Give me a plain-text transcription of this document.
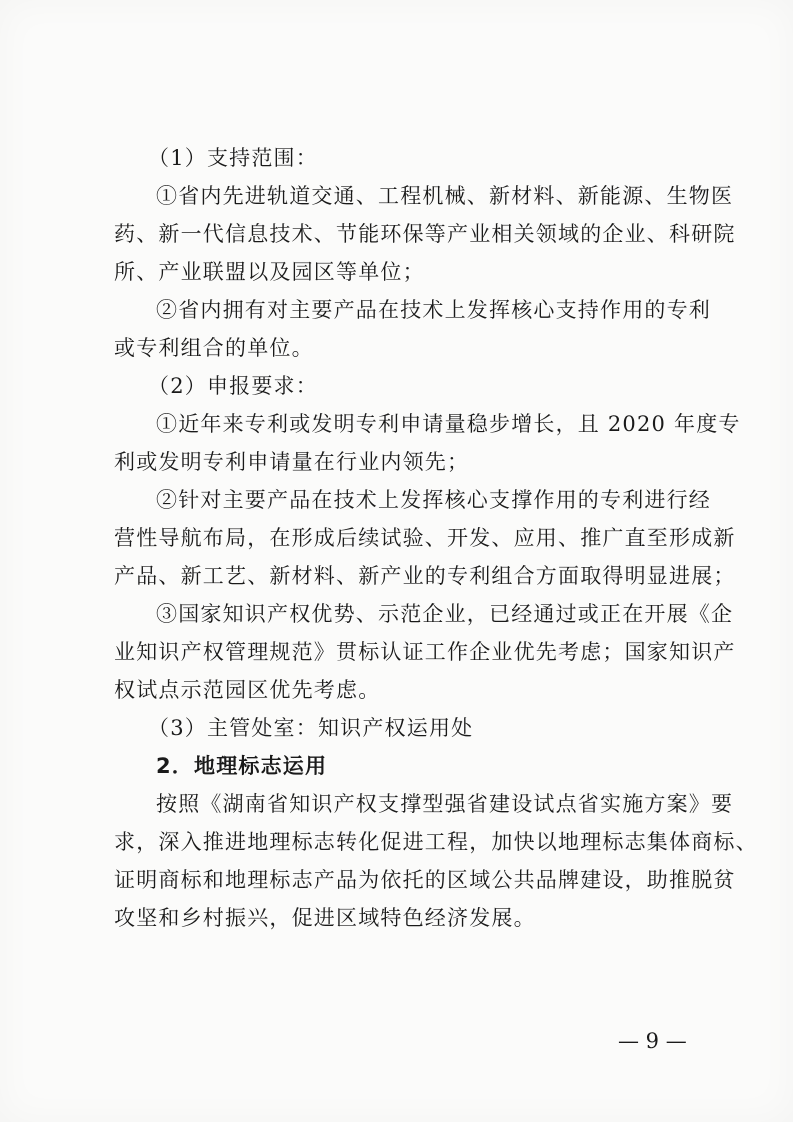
（1）支持范围：
①省内先进轨道交通、工程机械、新材料、新能源、生物医
药、新一代信息技术、节能环保等产业相关领域的企业、科研院
所、产业联盟以及园区等单位；
②省内拥有对主要产品在技术上发挥核心支持作用的专利
或专利组合的单位。
（2）申报要求：
①近年来专利或发明专利申请量稳步增长，且 2020 年度专
利或发明专利申请量在行业内领先；
②针对主要产品在技术上发挥核心支撑作用的专利进行经
营性导航布局，在形成后续试验、开发、应用、推广直至形成新
产品、新工艺、新材料、新产业的专利组合方面取得明显进展；
③国家知识产权优势、示范企业，已经通过或正在开展《企
业知识产权管理规范》贯标认证工作企业优先考虑；国家知识产
权试点示范园区优先考虑。
（3）主管处室：知识产权运用处
2．地理标志运用
按照《湖南省知识产权支撑型强省建设试点省实施方案》要
求，深入推进地理标志转化促进工程，加快以地理标志集体商标、
证明商标和地理标志产品为依托的区域公共品牌建设，助推脱贫
攻坚和乡村振兴，促进区域特色经济发展。
— 9 —
